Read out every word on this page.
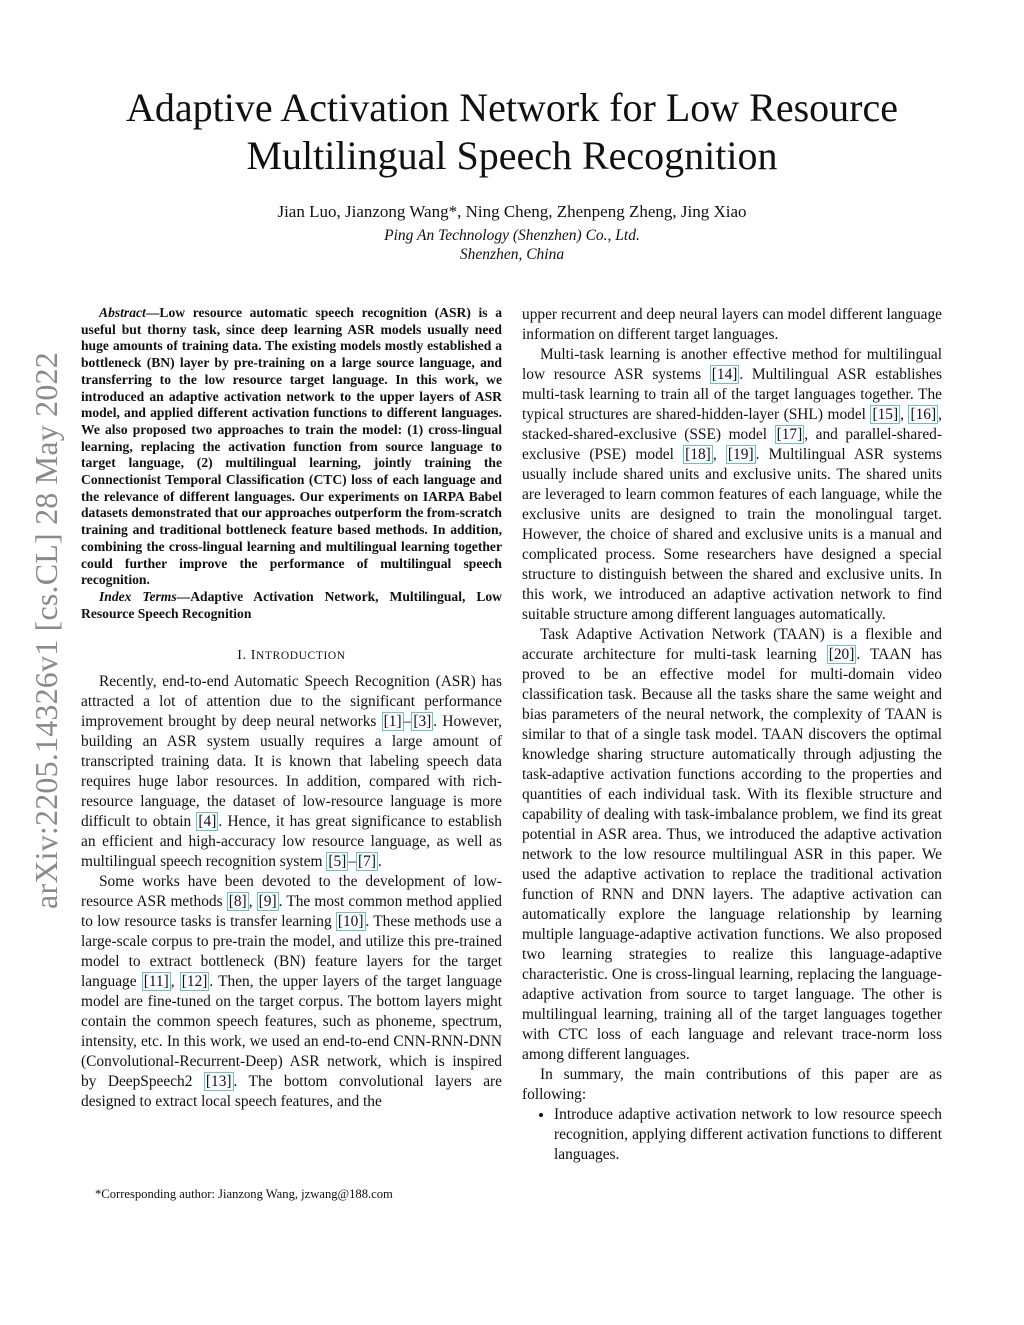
arXiv:2205.14326v1 [cs.CL] 28 May 2022
Adaptive Activation Network for Low Resource Multilingual Speech Recognition
Jian Luo, Jianzong Wang*, Ning Cheng, Zhenpeng Zheng, Jing Xiao
Ping An Technology (Shenzhen) Co., Ltd.
Shenzhen, China

Abstract—Low resource automatic speech recognition (ASR) is a useful but thorny task, since deep learning ASR models usually need huge amounts of training data. The existing models mostly established a bottleneck (BN) layer by pre-training on a large source language, and transferring to the low resource target language. In this work, we introduced an adaptive activation network to the upper layers of ASR model, and applied different activation functions to different languages. We also proposed two approaches to train the model: (1) cross-lingual learning, replacing the activation function from source language to target language, (2) multilingual learning, jointly training the Connectionist Temporal Classification (CTC) loss of each language and the relevance of different languages. Our experiments on IARPA Babel datasets demonstrated that our approaches outperform the from-scratch training and traditional bottleneck feature based methods. In addition, combining the cross-lingual learning and multilingual learning together could further improve the performance of multilingual speech recognition.

Index Terms—Adaptive Activation Network, Multilingual, Low Resource Speech Recognition

I. INTRODUCTION

Recently, end-to-end Automatic Speech Recognition (ASR) has attracted a lot of attention due to the significant performance improvement brought by deep neural networks [1] – [3] . However, building an ASR system usually requires a large amount of transcripted training data. It is known that labeling speech data requires huge labor resources. In addition, compared with rich-resource language, the dataset of low-resource language is more difficult to obtain [4] . Hence, it has great significance to establish an efficient and high-accuracy low resource language, as well as multilingual speech recognition system [5] – [7] .

Some works have been devoted to the development of low-resource ASR methods [8] , [9] . The most common method applied to low resource tasks is transfer learning [10] . These methods use a large-scale corpus to pre-train the model, and utilize this pre-trained model to extract bottleneck (BN) feature layers for the target language [11] , [12] . Then, the upper layers of the target language model are fine-tuned on the target corpus. The bottom layers might contain the common speech features, such as phoneme, spectrum, intensity, etc. In this work, we used an end-to-end CNN-RNN-DNN (Convolutional-Recurrent-Deep) ASR network, which is inspired by DeepSpeech2 [13] . The bottom convolutional layers are designed to extract local speech features, and the

*Corresponding author: Jianzong Wang, jzwang@188.com

upper recurrent and deep neural layers can model different language information on different target languages.

Multi-task learning is another effective method for multilingual low resource ASR systems [14] . Multilingual ASR establishes multi-task learning to train all of the target languages together. The typical structures are shared-hidden-layer (SHL) model [15] , [16] , stacked-shared-exclusive (SSE) model [17] , and parallel-shared-exclusive (PSE) model [18] , [19] . Multilingual ASR systems usually include shared units and exclusive units. The shared units are leveraged to learn common features of each language, while the exclusive units are designed to train the monolingual target. However, the choice of shared and exclusive units is a manual and complicated process. Some researchers have designed a special structure to distinguish between the shared and exclusive units. In this work, we introduced an adaptive activation network to find suitable structure among different languages automatically.

Task Adaptive Activation Network (TAAN) is a flexible and accurate architecture for multi-task learning [20] . TAAN has proved to be an effective model for multi-domain video classification task. Because all the tasks share the same weight and bias parameters of the neural network, the complexity of TAAN is similar to that of a single task model. TAAN discovers the optimal knowledge sharing structure automatically through adjusting the task-adaptive activation functions according to the properties and quantities of each individual task. With its flexible structure and capability of dealing with task-imbalance problem, we find its great potential in ASR area. Thus, we introduced the adaptive activation network to the low resource multilingual ASR in this paper. We used the adaptive activation to replace the traditional activation function of RNN and DNN layers. The adaptive activation can automatically explore the language relationship by learning multiple language-adaptive activation functions. We also proposed two learning strategies to realize this language-adaptive characteristic. One is cross-lingual learning, replacing the language-adaptive activation from source to target language. The other is multilingual learning, training all of the target languages together with CTC loss of each language and relevant trace-norm loss among different languages.

In summary, the main contributions of this paper are as following:

• Introduce adaptive activation network to low resource speech recognition, applying different activation functions to different languages.
